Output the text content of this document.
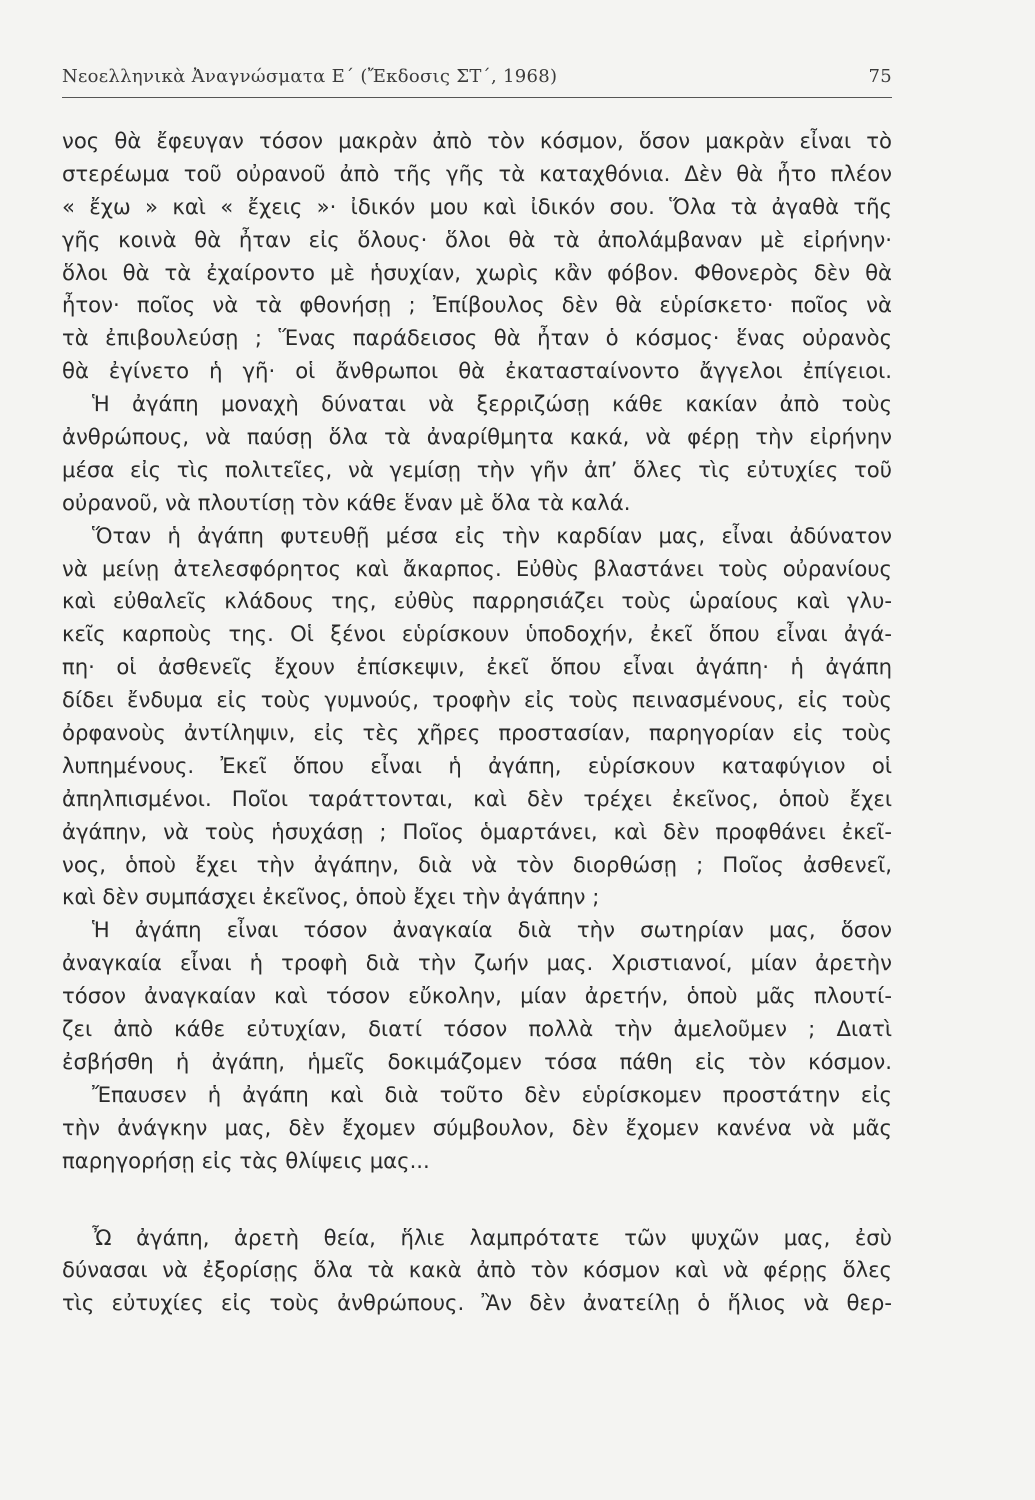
Νεοελληνικὰ Ἀναγνώσματα Ε΄ (Ἔκδοσις ΣΤ΄, 1968)	75
νος θὰ ἔφευγαν τόσον μακρὰν ἀπὸ τὸν κόσμον, ὅσον μακρὰν εἶναι τὸ
στερέωμα τοῦ οὐρανοῦ ἀπὸ τῆς γῆς τὰ καταχθόνια. Δὲν θὰ ἦτο πλέον
« ἔχω » καὶ « ἔχεις »· ἰδικόν μου καὶ ἰδικόν σου. Ὅλα τὰ ἀγαθὰ τῆς
γῆς κοινὰ θὰ ἦταν εἰς ὅλους· ὅλοι θὰ τὰ ἀπολάμβαναν μὲ εἰρήνην·
ὅλοι θὰ τὰ ἐχαίροντο μὲ ἡσυχίαν, χωρὶς κἂν φόβον. Φθονερὸς δὲν θὰ
ἦτον· ποῖος νὰ τὰ φθονήσῃ ; Ἐπίβουλος δὲν θὰ εὑρίσκετο· ποῖος νὰ
τὰ ἐπιβουλεύσῃ ; Ἕνας παράδεισος θὰ ἦταν ὁ κόσμος· ἕνας οὐρανὸς
θὰ ἐγίνετο ἡ γῆ· οἱ ἄνθρωποι θὰ ἐκατασταίνοντο ἄγγελοι ἐπίγειοι.
Ἡ ἀγάπη μοναχὴ δύναται νὰ ξερριζώσῃ κάθε κακίαν ἀπὸ τοὺς
ἀνθρώπους, νὰ παύσῃ ὅλα τὰ ἀναρίθμητα κακά, νὰ φέρῃ τὴν εἰρήνην
μέσα εἰς τὶς πολιτεῖες, νὰ γεμίσῃ τὴν γῆν ἀπ’ ὅλες τὶς εὐτυχίες τοῦ
οὐρανοῦ, νὰ πλουτίσῃ τὸν κάθε ἕναν μὲ ὅλα τὰ καλά.
Ὅταν ἡ ἀγάπη φυτευθῇ μέσα εἰς τὴν καρδίαν μας, εἶναι ἀδύνατον
νὰ μείνῃ ἀτελεσφόρητος καὶ ἄκαρπος. Εὐθὺς βλαστάνει τοὺς οὐρανίους
καὶ εὐθαλεῖς κλάδους της, εὐθὺς παρρησιάζει τοὺς ὡραίους καὶ γλυ-
κεῖς καρποὺς της. Οἱ ξένοι εὑρίσκουν ὑποδοχήν, ἐκεῖ ὅπου εἶναι ἀγά-
πη· οἱ ἀσθενεῖς ἔχουν ἐπίσκεψιν, ἐκεῖ ὅπου εἶναι ἀγάπη· ἡ ἀγάπη
δίδει ἔνδυμα εἰς τοὺς γυμνούς, τροφὴν εἰς τοὺς πεινασμένους, εἰς τοὺς
ὀρφανοὺς ἀντίληψιν, εἰς τὲς χῆρες προστασίαν, παρηγορίαν εἰς τοὺς
λυπημένους. Ἐκεῖ ὅπου εἶναι ἡ ἀγάπη, εὑρίσκουν καταφύγιον οἱ
ἀπηλπισμένοι. Ποῖοι ταράττονται, καὶ δὲν τρέχει ἐκεῖνος, ὁποὺ ἔχει
ἀγάπην, νὰ τοὺς ἡσυχάσῃ ; Ποῖος ὁμαρτάνει, καὶ δὲν προφθάνει ἐκεῖ-
νος, ὁποὺ ἔχει τὴν ἀγάπην, διὰ νὰ τὸν διορθώσῃ ; Ποῖος ἀσθενεῖ,
καὶ δὲν συμπάσχει ἐκεῖνος, ὁποὺ ἔχει τὴν ἀγάπην ;
Ἡ ἀγάπη εἶναι τόσον ἀναγκαία διὰ τὴν σωτηρίαν μας, ὅσον
ἀναγκαία εἶναι ἡ τροφὴ διὰ τὴν ζωήν μας. Χριστιανοί, μίαν ἀρετὴν
τόσον ἀναγκαίαν καὶ τόσον εὔκολην, μίαν ἀρετήν, ὁποὺ μᾶς πλουτί-
ζει ἀπὸ κάθε εὐτυχίαν, διατί τόσον πολλὰ τὴν ἀμελοῦμεν ; Διατὶ
ἐσβήσθη ἡ ἀγάπη, ἡμεῖς δοκιμάζομεν τόσα πάθη εἰς τὸν κόσμον.
Ἔπαυσεν ἡ ἀγάπη καὶ διὰ τοῦτο δὲν εὑρίσκομεν προστάτην εἰς
τὴν ἀνάγκην μας, δὲν ἔχομεν σύμβουλον, δὲν ἔχομεν κανένα νὰ μᾶς
παρηγορήσῃ εἰς τὰς θλίψεις μας...
Ὦ ἀγάπη, ἀρετὴ θεία, ἥλιε λαμπρότατε τῶν ψυχῶν μας, ἐσὺ
δύνασαι νὰ ἐξορίσῃς ὅλα τὰ κακὰ ἀπὸ τὸν κόσμον καὶ νὰ φέρῃς ὅλες
τὶς εὐτυχίες εἰς τοὺς ἀνθρώπους. Ἂν δὲν ἀνατείλῃ ὁ ἥλιος νὰ θερ-
